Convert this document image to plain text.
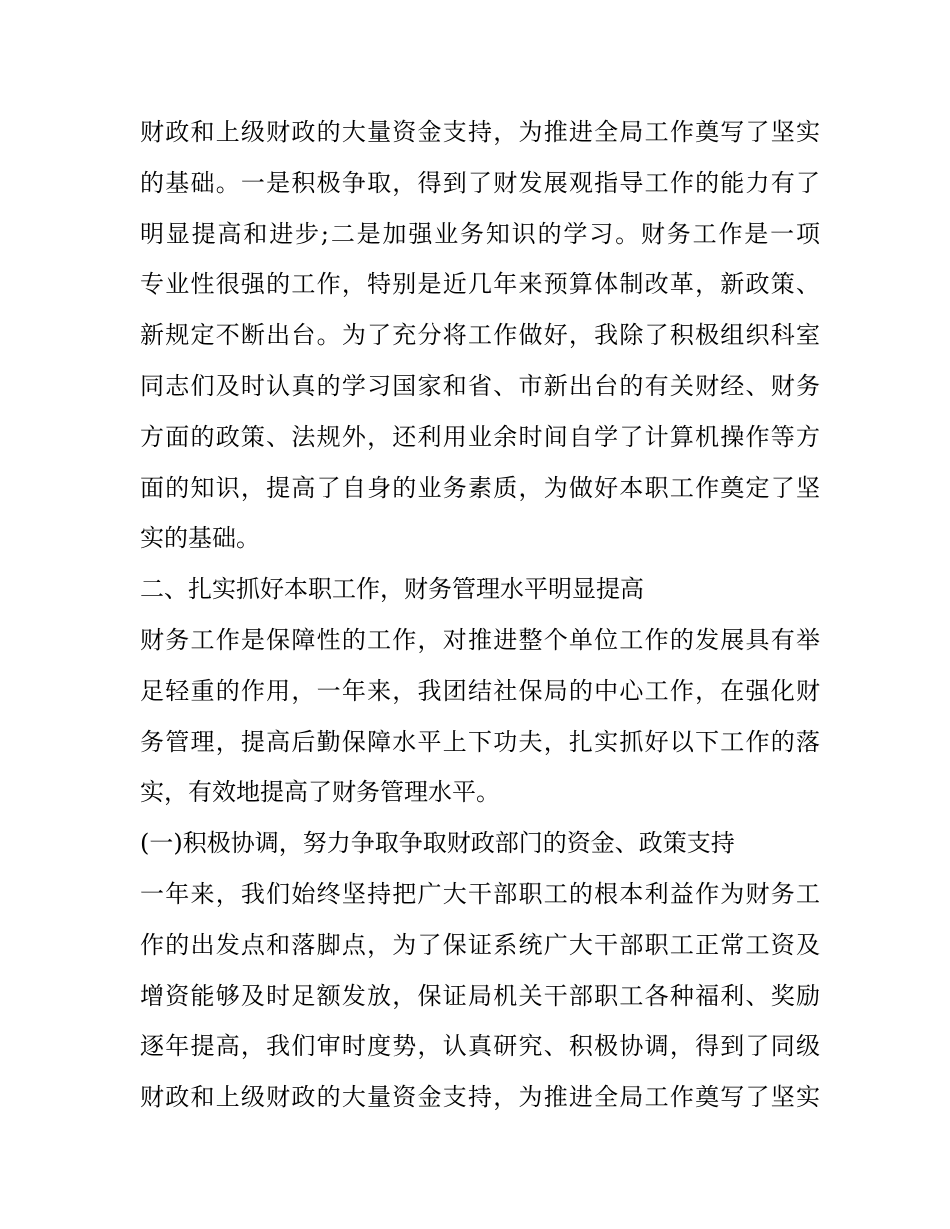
财政和上级财政的大量资金支持，为推进全局工作奠写了坚实
的基础。一是积极争取，得到了财发展观指导工作的能力有了
明显提高和进步;二是加强业务知识的学习。财务工作是一项
专业性很强的工作，特别是近几年来预算体制改革，新政策、
新规定不断出台。为了充分将工作做好，我除了积极组织科室
同志们及时认真的学习国家和省、市新出台的有关财经、财务
方面的政策、法规外，还利用业余时间自学了计算机操作等方
面的知识，提高了自身的业务素质，为做好本职工作奠定了坚
实的基础。
二、扎实抓好本职工作，财务管理水平明显提高
财务工作是保障性的工作，对推进整个单位工作的发展具有举
足轻重的作用，一年来，我团结社保局的中心工作，在强化财
务管理，提高后勤保障水平上下功夫，扎实抓好以下工作的落
实，有效地提高了财务管理水平。
(一)积极协调，努力争取争取财政部门的资金、政策支持
一年来，我们始终坚持把广大干部职工的根本利益作为财务工
作的出发点和落脚点，为了保证系统广大干部职工正常工资及
增资能够及时足额发放，保证局机关干部职工各种福利、奖励
逐年提高，我们审时度势，认真研究、积极协调，得到了同级
财政和上级财政的大量资金支持，为推进全局工作奠写了坚实
